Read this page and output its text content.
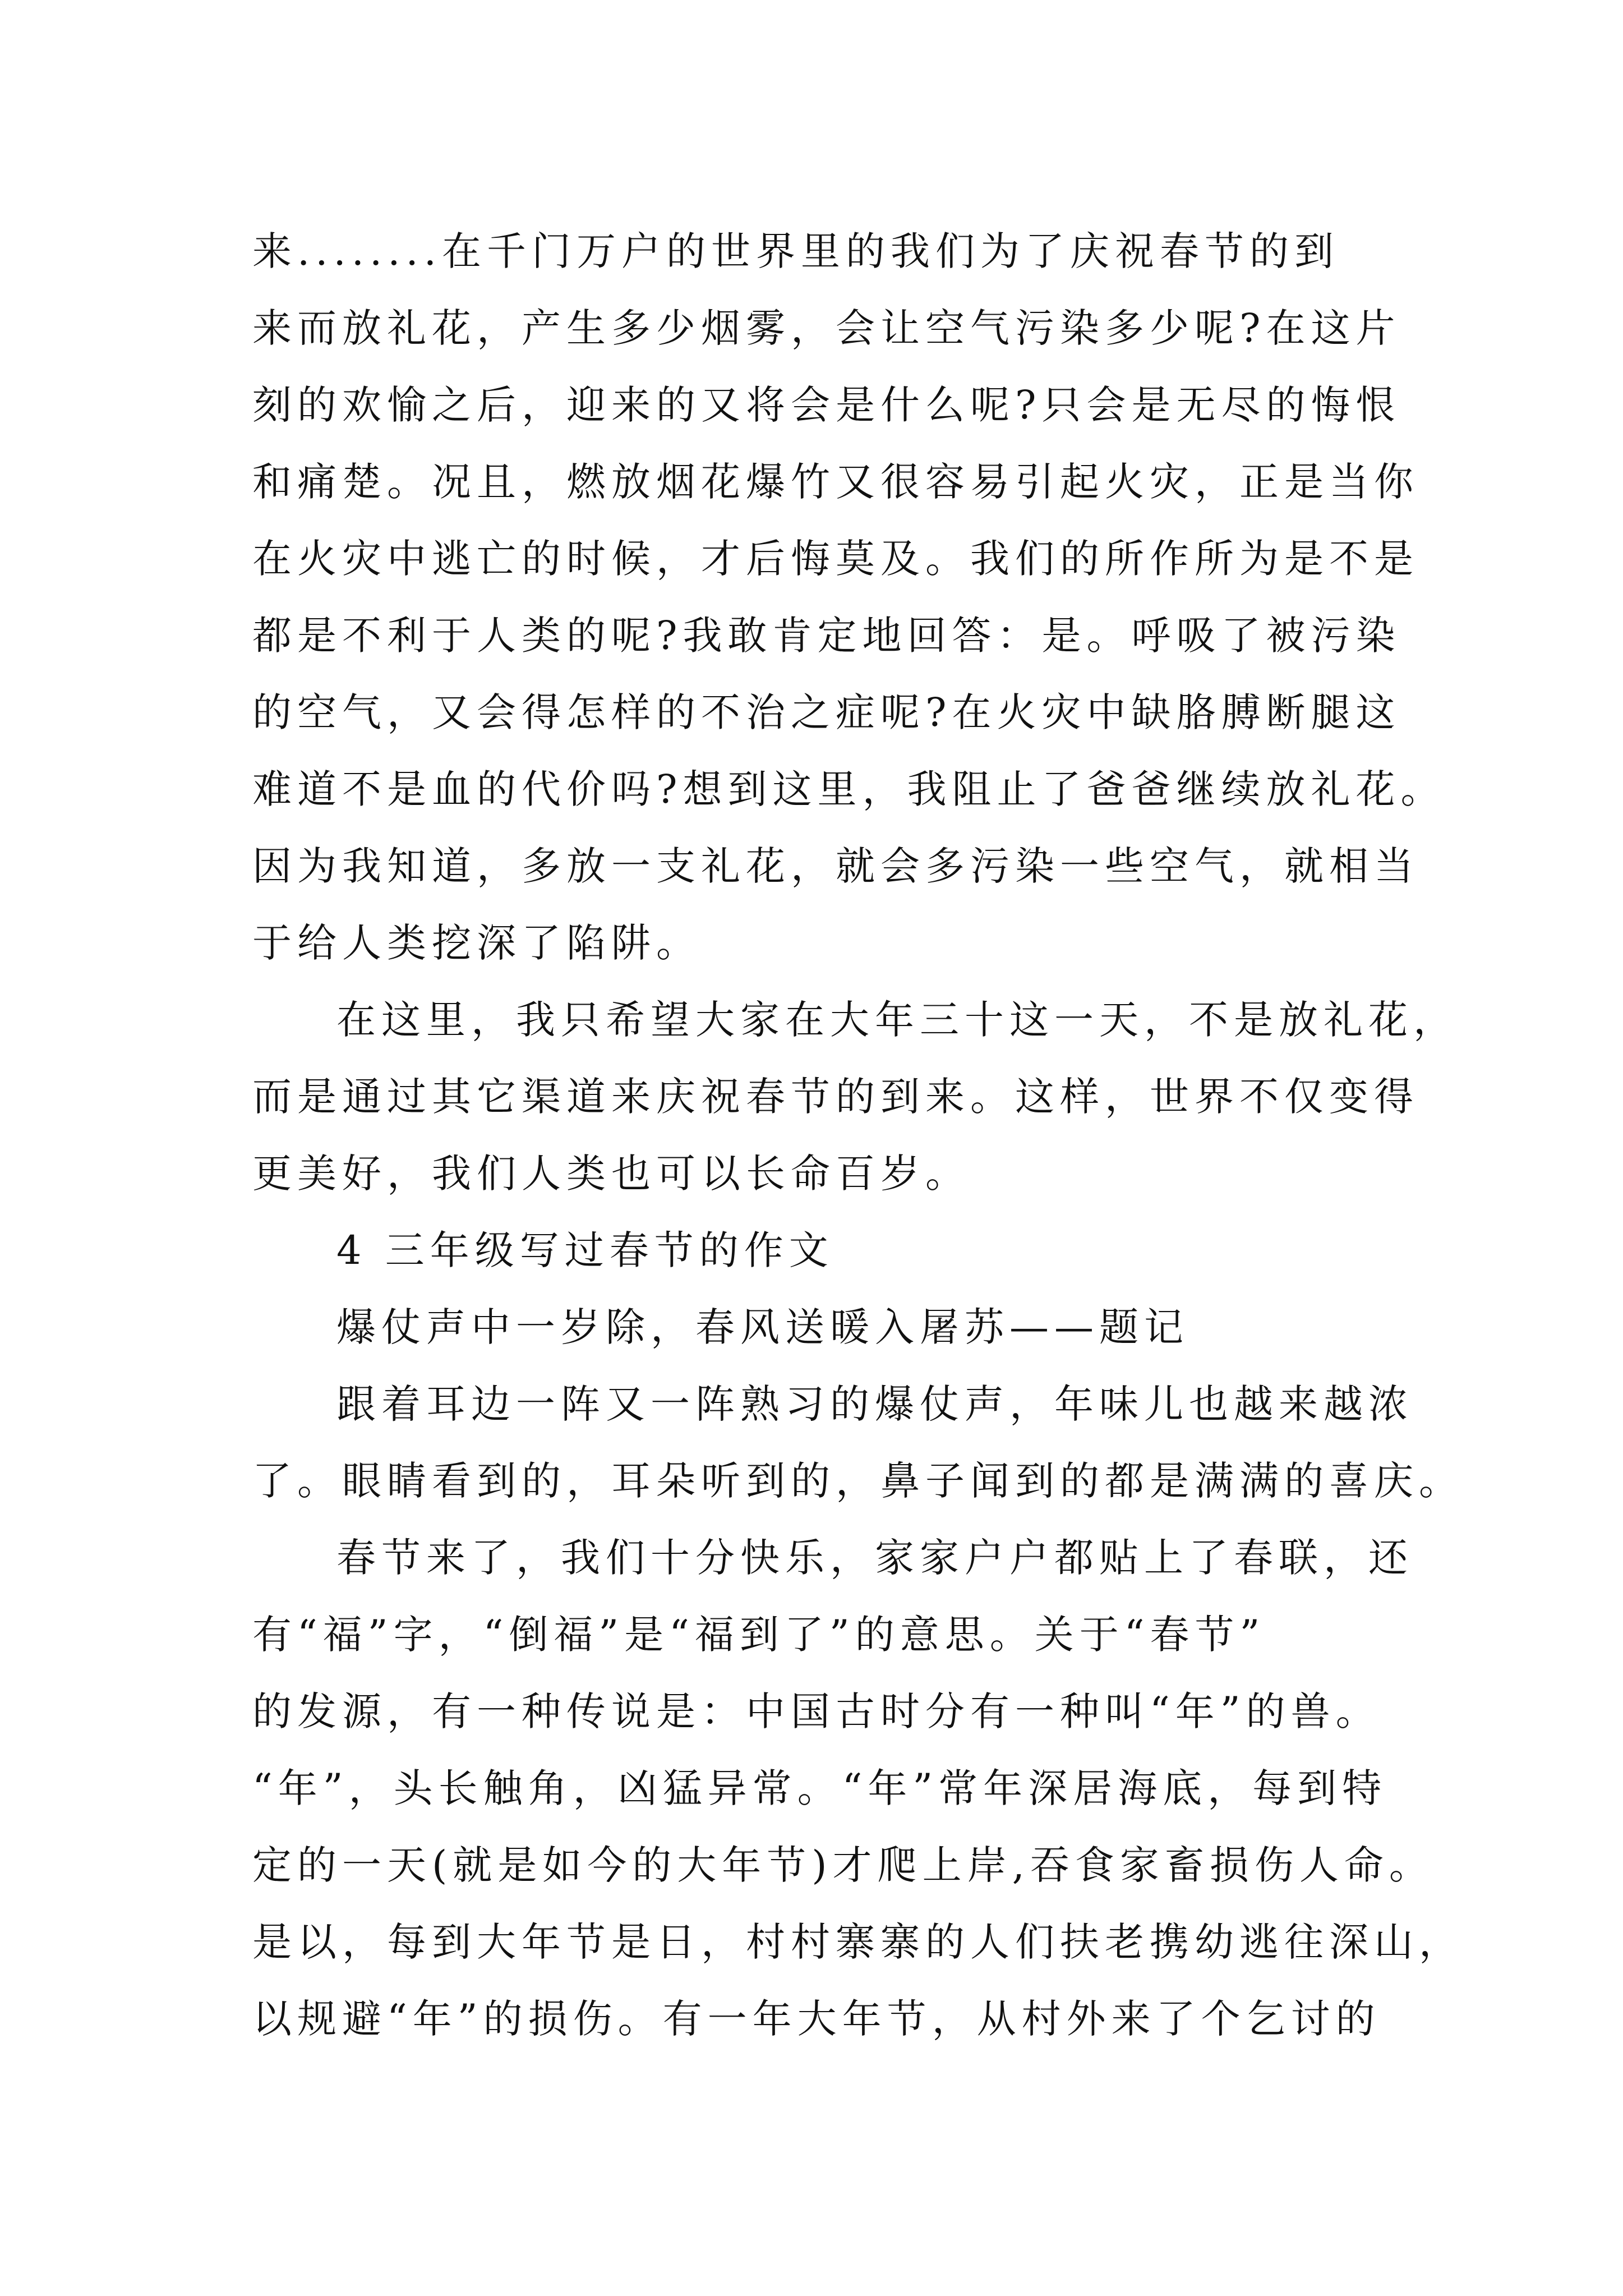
来........在千门万户的世界里的我们为了庆祝春节的到
来而放礼花，产生多少烟雾，会让空气污染多少呢?在这片
刻的欢愉之后，迎来的又将会是什么呢?只会是无尽的悔恨
和痛楚。况且，燃放烟花爆竹又很容易引起火灾，正是当你
在火灾中逃亡的时候，才后悔莫及。我们的所作所为是不是
都是不利于人类的呢?我敢肯定地回答：是。呼吸了被污染
的空气，又会得怎样的不治之症呢?在火灾中缺胳膊断腿这
难道不是血的代价吗?想到这里，我阻止了爸爸继续放礼花。
因为我知道，多放一支礼花，就会多污染一些空气，就相当
于给人类挖深了陷阱。
在这里，我只希望大家在大年三十这一天，不是放礼花，
而是通过其它渠道来庆祝春节的到来。这样，世界不仅变得
更美好，我们人类也可以长命百岁。
4 三年级写过春节的作文
爆仗声中一岁除，春风送暖入屠苏——题记
跟着耳边一阵又一阵熟习的爆仗声，年味儿也越来越浓
了。眼睛看到的，耳朵听到的，鼻子闻到的都是满满的喜庆。
春节来了，我们十分快乐，家家户户都贴上了春联，还
有“福”字，“倒福”是“福到了”的意思。关于“春节”
的发源，有一种传说是：中国古时分有一种叫“年”的兽。
“年”，头长触角，凶猛异常。“年”常年深居海底，每到特
定的一天(就是如今的大年节)才爬上岸,吞食家畜损伤人命。
是以，每到大年节是日，村村寨寨的人们扶老携幼逃往深山，
以规避“年”的损伤。有一年大年节，从村外来了个乞讨的
